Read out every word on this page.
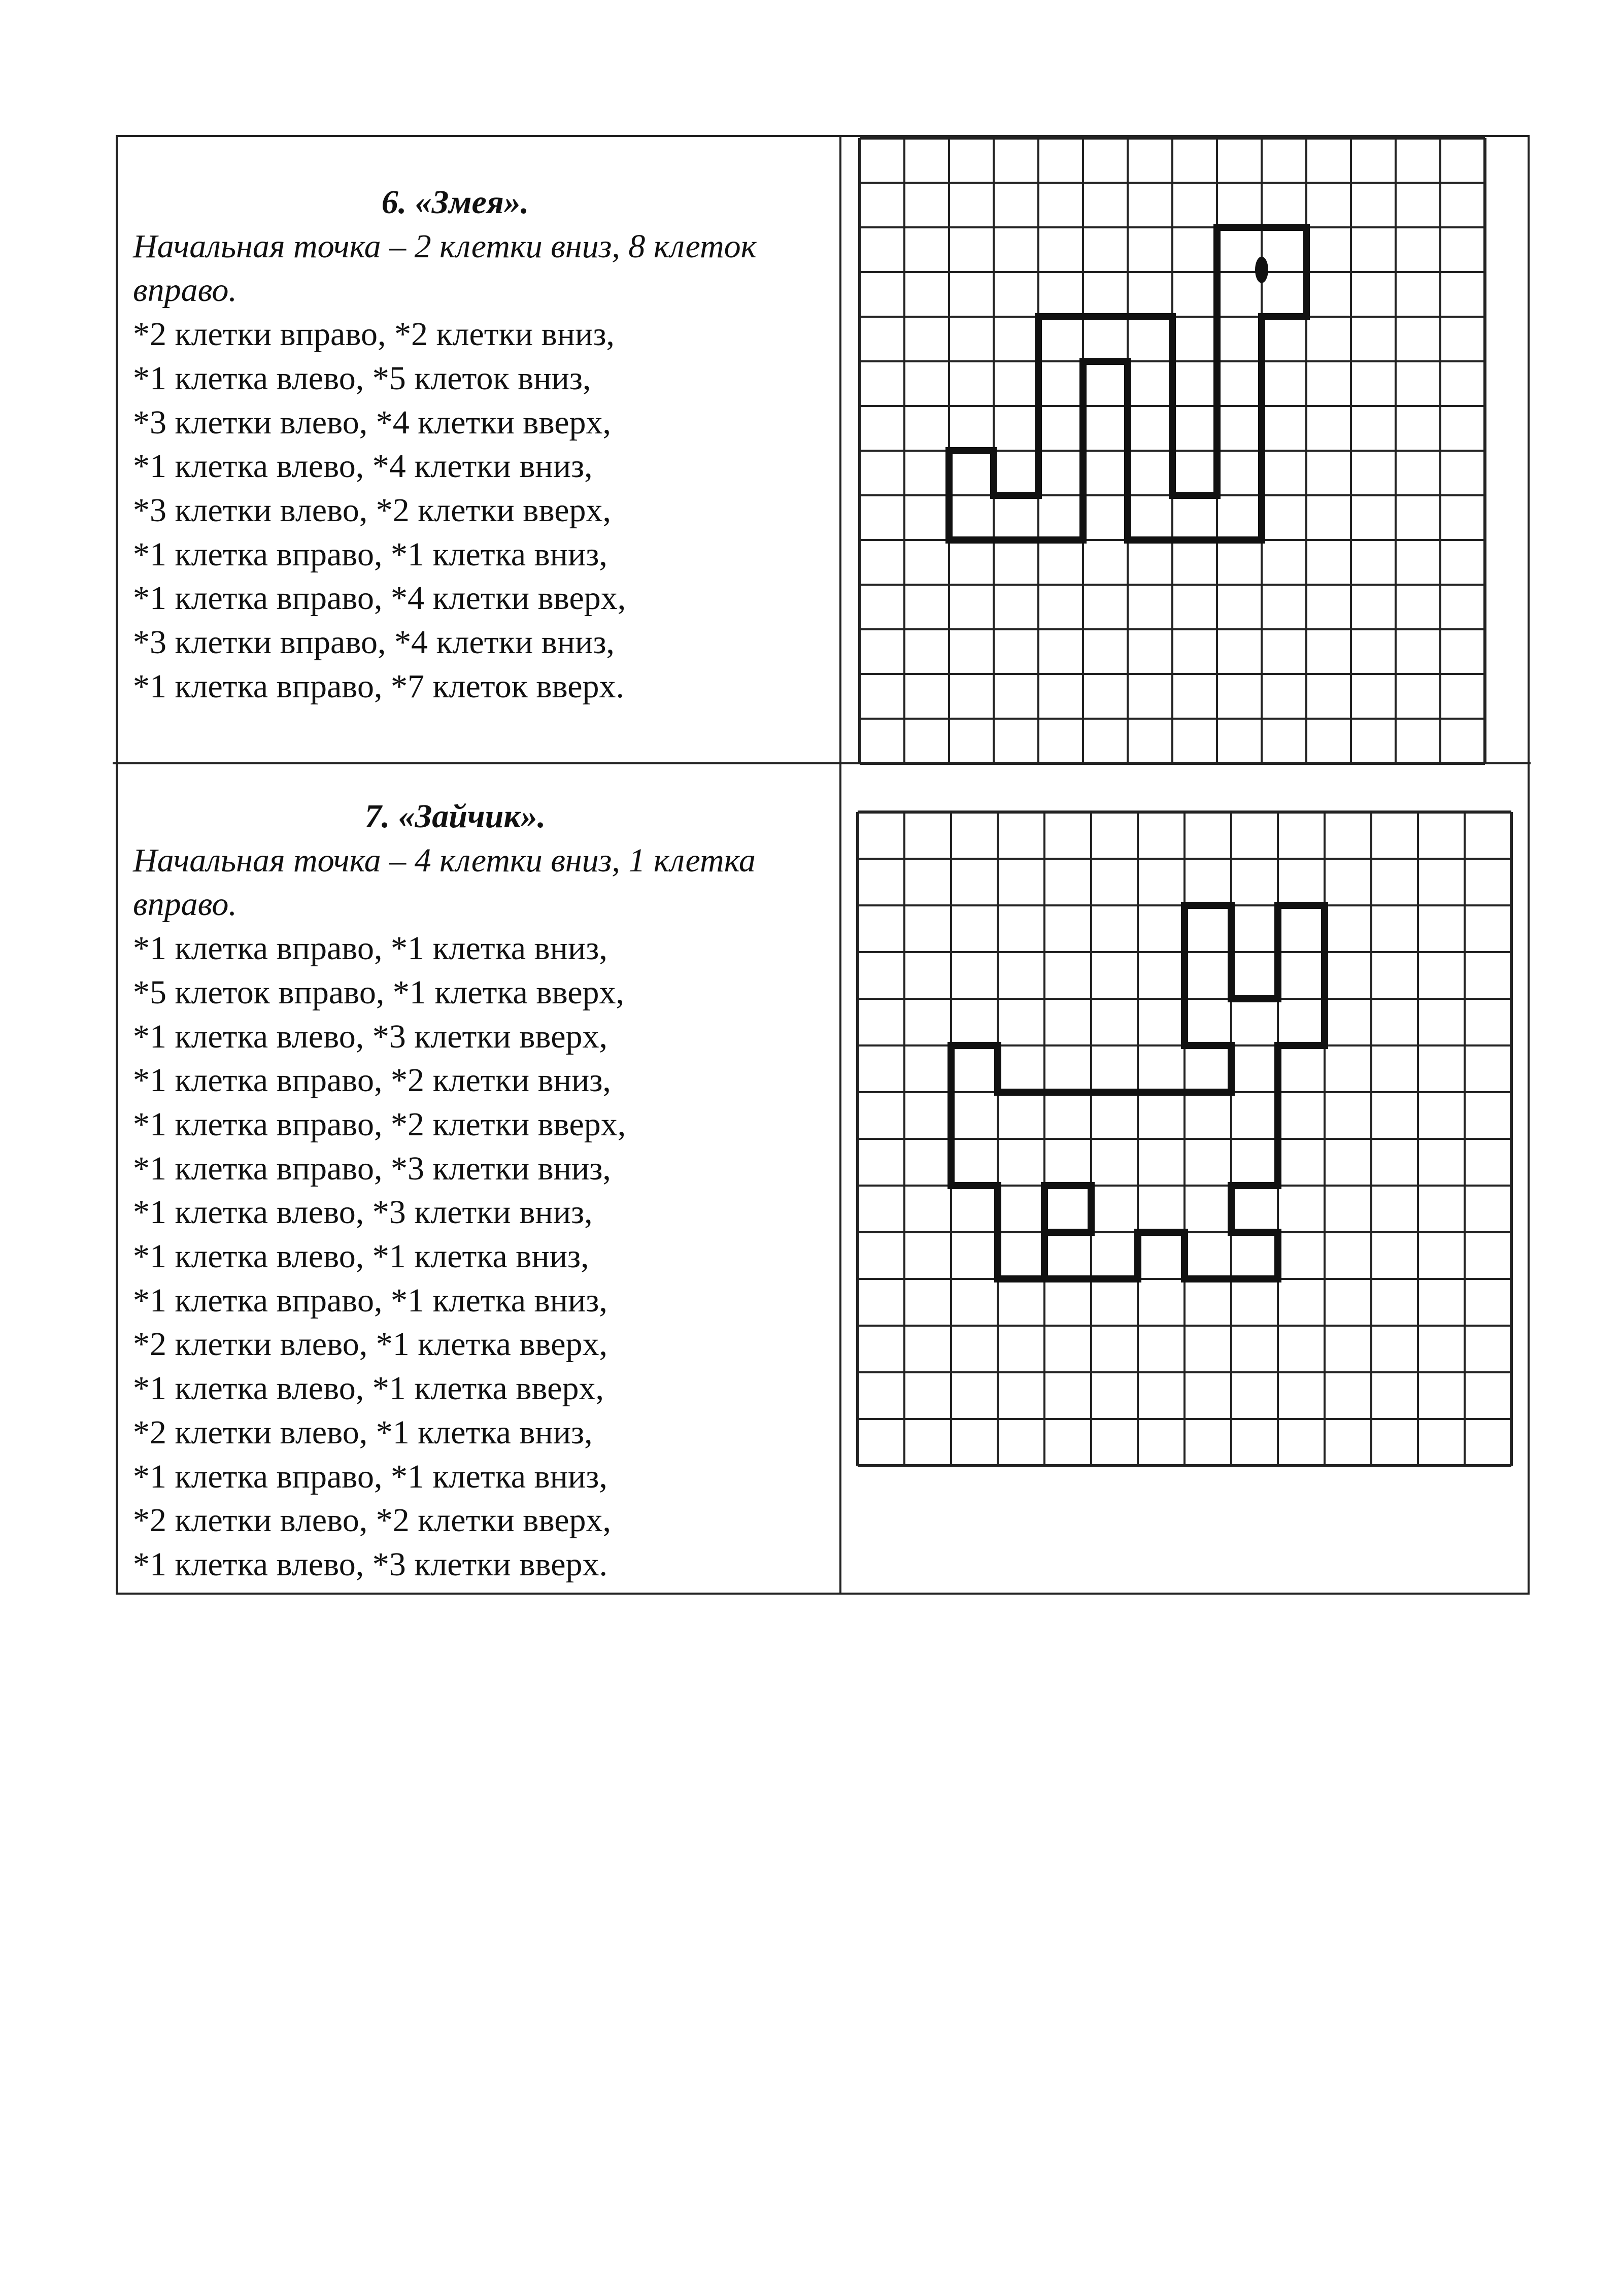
6. «Змея».

Начальная точка – 2 клетки вниз, 8 клеток вправо.

*2 клетки вправо, *2 клетки вниз,

*1 клетка влево, *5 клеток вниз,

*3 клетки влево, *4 клетки вверх,

*1 клетка влево, *4 клетки вниз,

*3 клетки влево, *2 клетки вверх,

*1 клетка вправо, *1 клетка вниз,

*1 клетка вправо, *4 клетки вверх,

*3 клетки вправо, *4 клетки вниз,

*1 клетка вправо, *7 клеток вверх.

7. «Зайчик».

Начальная точка – 4 клетки вниз, 1 клетка вправо.

*1 клетка вправо, *1 клетка вниз,

*5 клеток вправо, *1 клетка вверх,

*1 клетка влево, *3 клетки вверх,

*1 клетка вправо, *2 клетки вниз,

*1 клетка вправо, *2 клетки вверх,

*1 клетка вправо, *3 клетки вниз,

*1 клетка влево, *3 клетки вниз,

*1 клетка влево, *1 клетка вниз,

*1 клетка вправо, *1 клетка вниз,

*2 клетки влево, *1 клетка вверх,

*1 клетка влево, *1 клетка вверх,

*2 клетки влево, *1 клетка вниз,

*1 клетка вправо, *1 клетка вниз,

*2 клетки влево, *2 клетки вверх,

*1 клетка влево, *3 клетки вверх.
